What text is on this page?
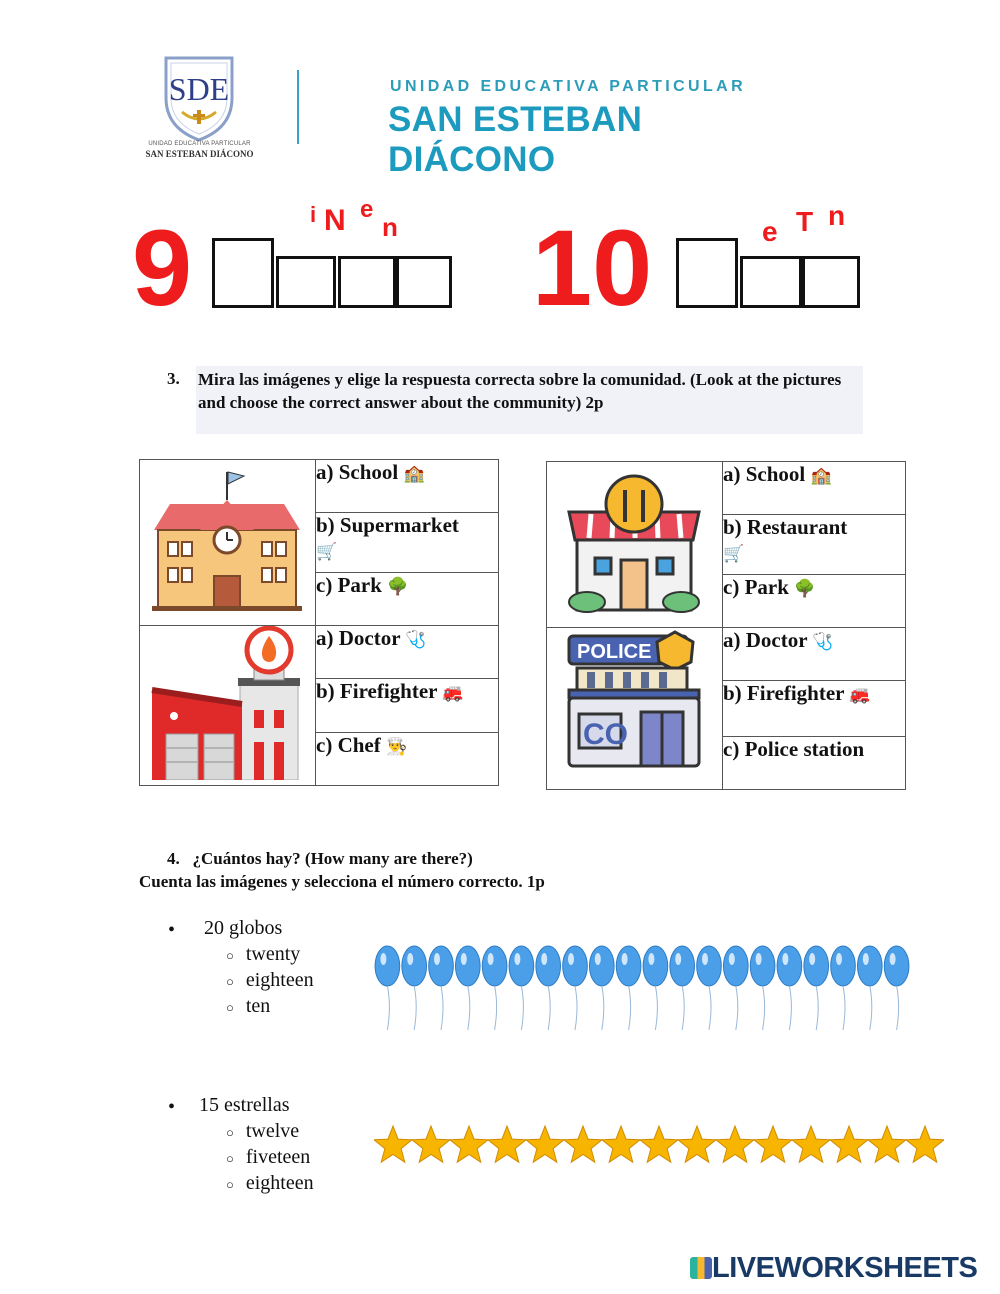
SDE
UNIDAD EDUCATIVA PARTICULAR
SAN ESTEBAN DIÁCONO
UNIDAD EDUCATIVA PARTICULAR
SAN ESTEBAN DIÁCONO
9	i N e
n 10	e T n
3. Mira las imágenes y elige la respuesta correcta sobre la comunidad. (Look at the pictures and choose the correct answer about the community) 2p
	a) School 🏫
	b) Supermarket
🛒
	c) Park 🌳
	a) Doctor 🩺
	b) Firefighter 🚒
	c) Chef 👨‍🍳
	a) School 🏫
	b) Restaurant
🛒
	c) Park 🌳

POLICE
CO	a) Doctor 🩺
	b) Firefighter 🚒
	c) Police station
4. ¿Cuántos hay? (How many are there?)
Cuenta las imágenes y selecciona el número correcto. 1p
• 20 globos
○ twenty
○ eighteen
○ ten
• 15 estrellas
○ twelve
○ fiveteen
○ eighteen
LIVEWORKSHEETS
